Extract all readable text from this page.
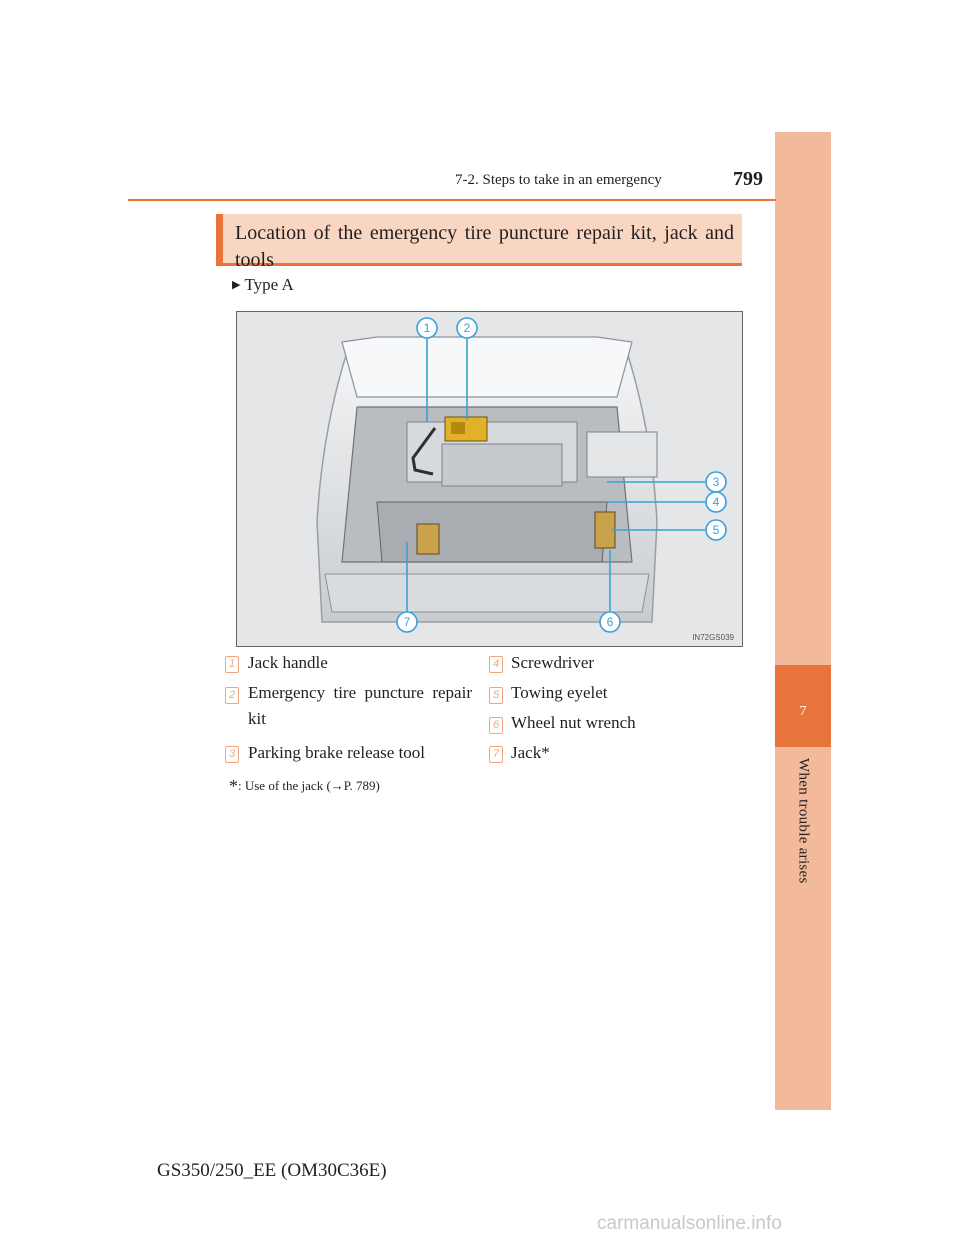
7
When trouble arises
7-2. Steps to take in an emergency	799
Location of the emergency tire puncture repair kit, jack and tools
▶ Type A
1	2
3
4
5
6
7
IN72GS039
1 Jack handle
2 Emergency tire puncture repair kit
3 Parking brake release tool
4 Screwdriver
5 Towing eyelet
6 Wheel nut wrench
7 Jack*
*: Use of the jack (→P. 789)
GS350/250_EE (OM30C36E)
carmanualsonline.info
